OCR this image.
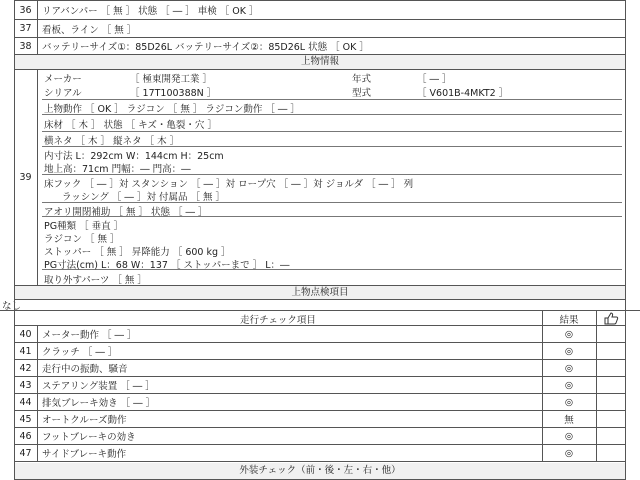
36	リアバンパー ［ 無 ］ 状態 ［ ― ］ 車検 ［ OK ］
37	看板、ライン ［ 無 ］
38	バッテリーサイズ①：85D26L バッテリーサイズ②：85D26L 状態 ［ OK ］
上物情報
39
メーカー	［ 極東開発工業 ］	年式	［ ― ］
シリアル	［ 17T100388N ］	型式	［ V601B-4MKT2 ］
上物動作 ［ OK ］ ラジコン ［ 無 ］ ラジコン動作 ［ ― ］
床材 ［ 木 ］ 状態 ［ キズ・亀裂・穴 ］
横ネタ ［ 木 ］ 縦ネタ ［ 木 ］
内寸法 L：292cm W：144cm H：25cm
地上高：71cm 門幅：― 門高：―
床フック ［ ― ］対 スタンション ［ ― ］対 ロープ穴 ［ ― ］対 ジョルダ ［ ― ］ 列
ラッシング ［ ― ］対 付属品 ［ 無 ］
アオリ開閉補助 ［ 無 ］ 状態 ［ ― ］
PG種類 ［ 垂直 ］
ラジコン ［ 無 ］
ストッパー ［ 無 ］ 昇降能力 ［ 600 kg ］
PG寸法(cm) L：68 W：137 ［ ストッパーまで ］ L：―
取り外すパーツ ［ 無 ］
上物点検項目
なし
走行チェック項目	結果
40	メーター動作 ［ ― ］	◎
41	クラッチ ［ ― ］	◎
42	走行中の振動、騒音	◎
43	ステアリング装置 ［ ― ］	◎
44	排気ブレーキ効き ［ ― ］	◎
45	オートクルーズ動作	無
46	フットブレーキの効き	◎
47	サイドブレーキ動作	◎
外装チェック（前・後・左・右・他）
